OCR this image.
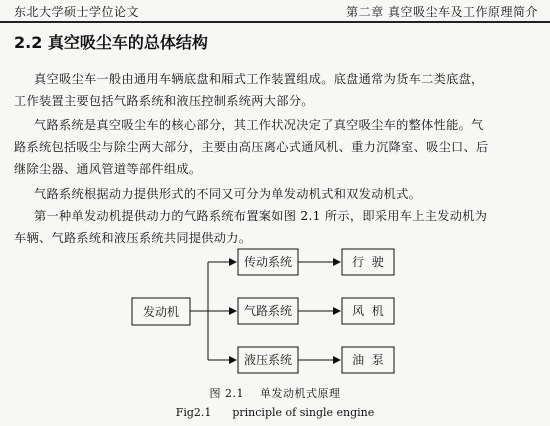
东北大学硕士学位论文	第二章 真空吸尘车及工作原理简介
2.2 真空吸尘车的总体结构
真空吸尘车一般由通用车辆底盘和厢式工作装置组成。底盘通常为货车二类底盘，
工作装置主要包括气路系统和液压控制系统两大部分。
气路系统是真空吸尘车的核心部分，其工作状况决定了真空吸尘车的整体性能。气
路系统包括吸尘与除尘两大部分，主要由高压离心式通风机、重力沉降室、吸尘口、后
继除尘器、通风管道等部件组成。
气路系统根据动力提供形式的不同又可分为单发动机式和双发动机式。
第一种单发动机提供动力的气路系统布置案如图 2.1 所示，即采用车上主发动机为
车辆、气路系统和液压系统共同提供动力。
发动机
传动系统
气路系统
液压系统
行  驶
风  机
油  泵
图 2.1    单发动机式原理
Fig2.1      principle of single engine
